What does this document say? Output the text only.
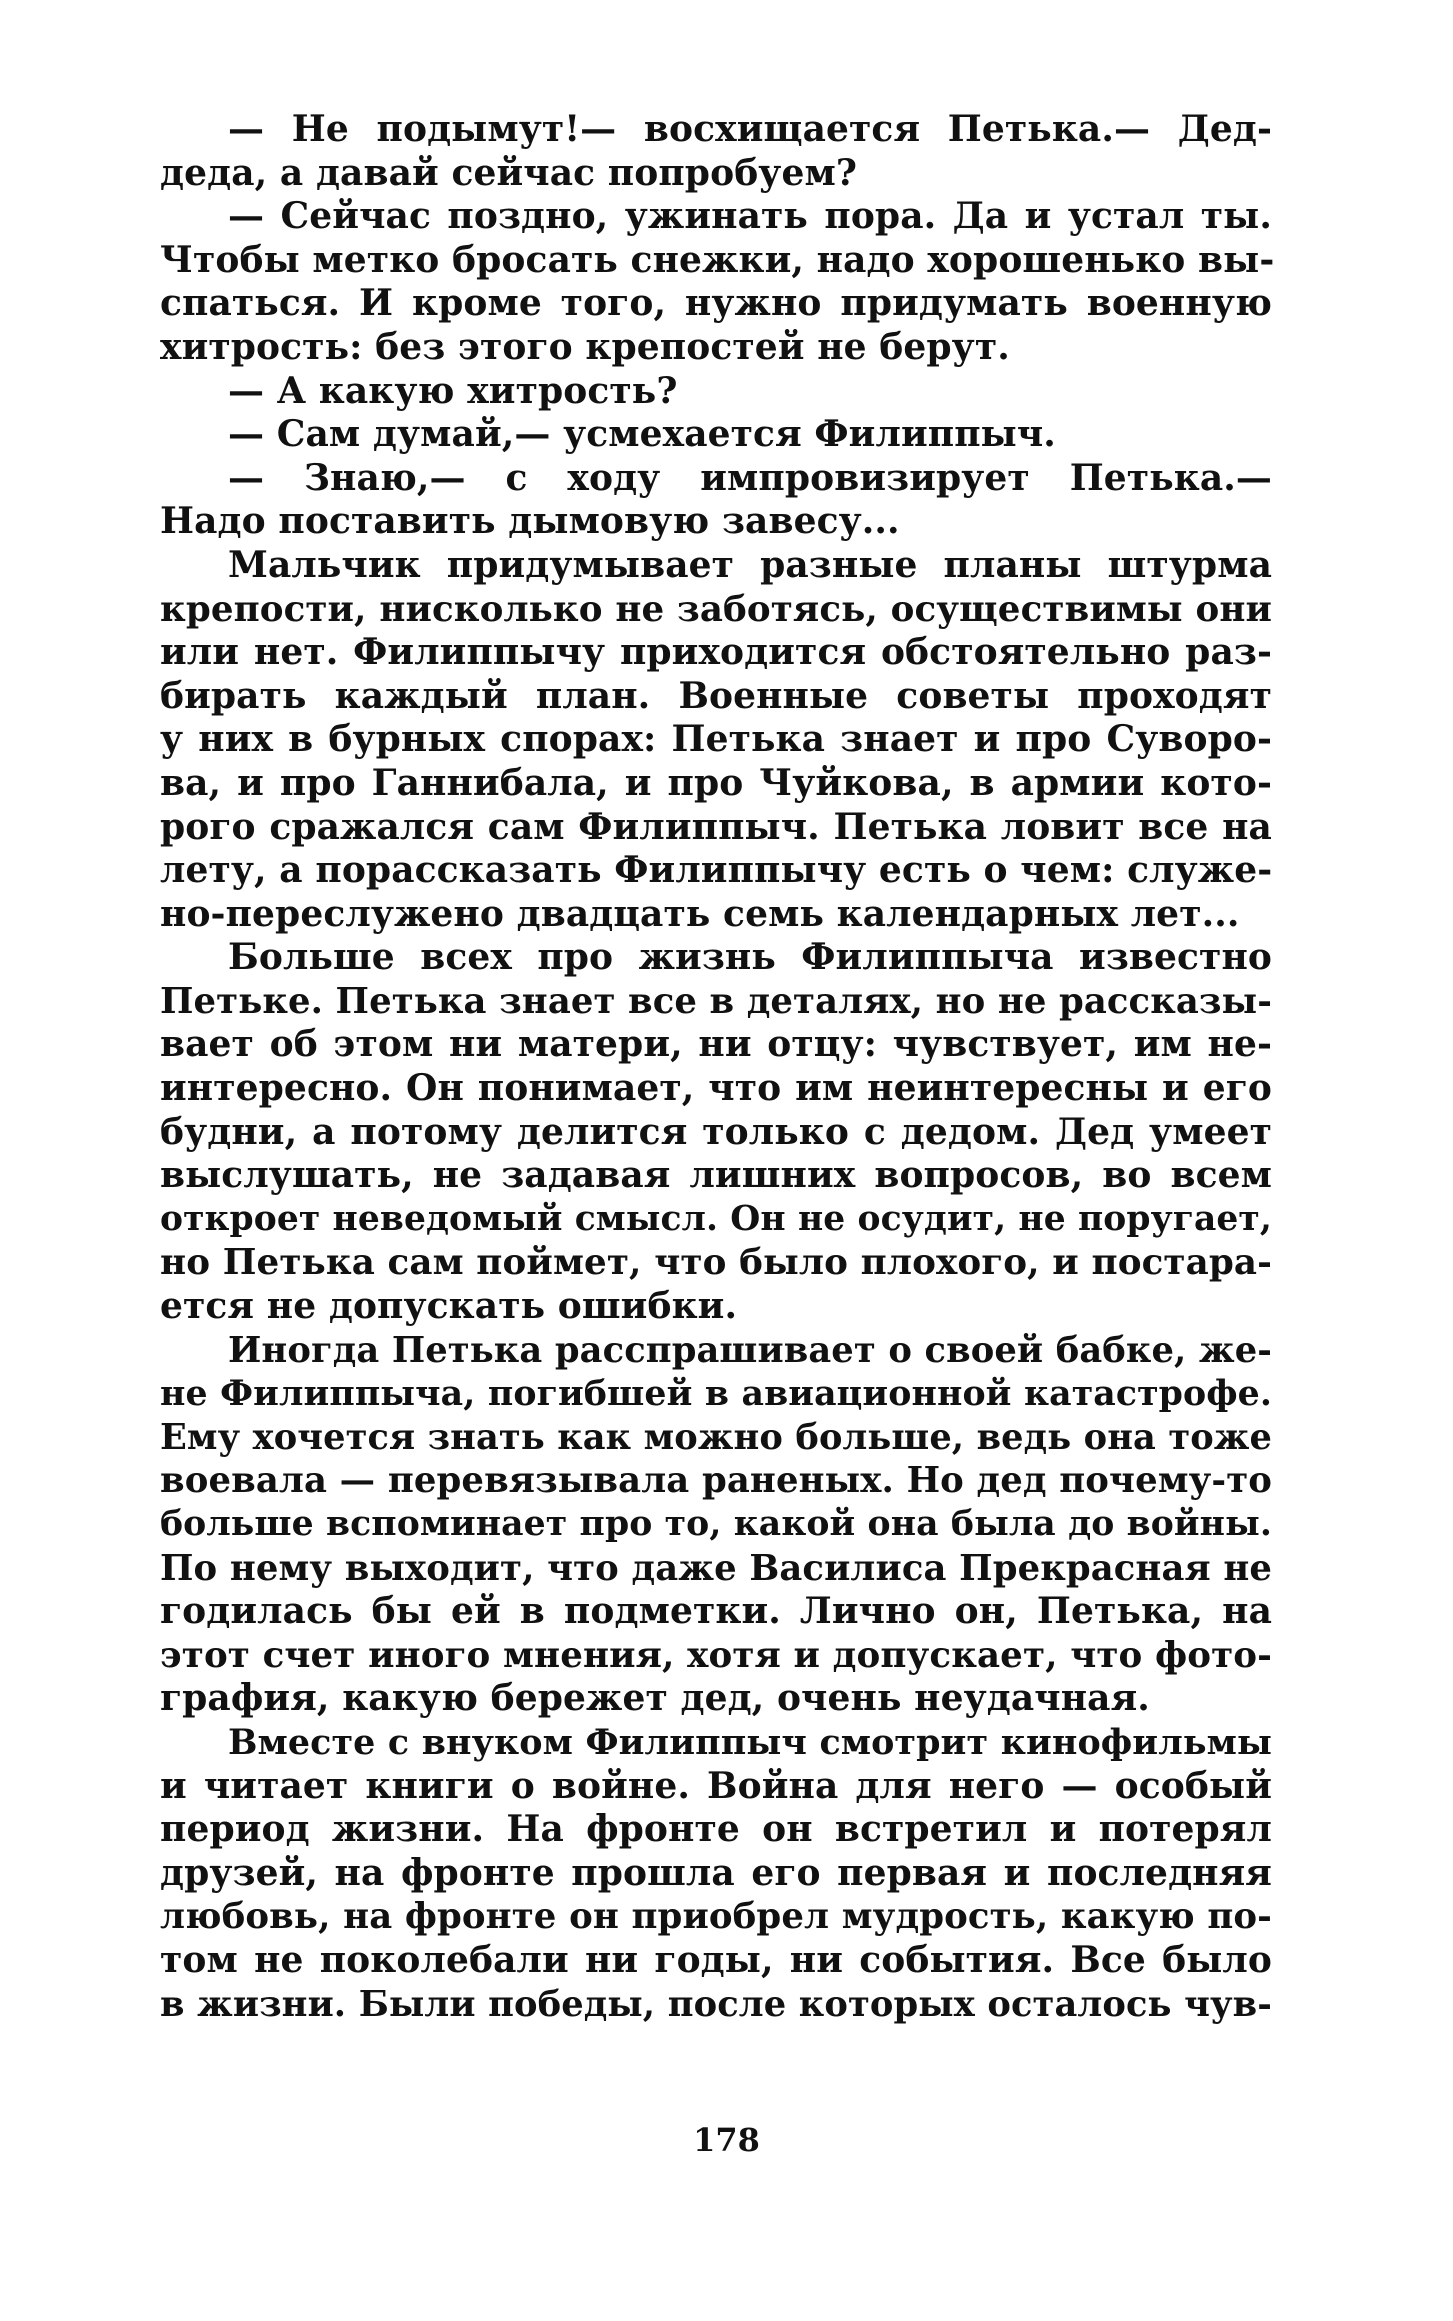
— Не подымут!— восхищается Петька.— Дед-
деда, а давай сейчас попробуем?
— Сейчас поздно, ужинать пора. Да и устал ты.
Чтобы метко бросать снежки, надо хорошенько вы-
спаться. И кроме того, нужно придумать военную
хитрость: без этого крепостей не берут.
— А какую хитрость?
— Сам думай,— усмехается Филиппыч.
— Знаю,— с ходу импровизирует Петька.—
Надо поставить дымовую завесу...
Мальчик придумывает разные планы штурма
крепости, нисколько не заботясь, осуществимы они
или нет. Филиппычу приходится обстоятельно раз-
бирать каждый план. Военные советы проходят
у них в бурных спорах: Петька знает и про Суворо-
ва, и про Ганнибала, и про Чуйкова, в армии кото-
рого сражался сам Филиппыч. Петька ловит все на
лету, а порассказать Филиппычу есть о чем: служе-
но-переслужено двадцать семь календарных лет...
Больше всех про жизнь Филиппыча известно
Петьке. Петька знает все в деталях, но не рассказы-
вает об этом ни матери, ни отцу: чувствует, им не-
интересно. Он понимает, что им неинтересны и его
будни, а потому делится только с дедом. Дед умеет
выслушать, не задавая лишних вопросов, во всем
откроет неведомый смысл. Он не осудит, не поругает,
но Петька сам поймет, что было плохого, и постара-
ется не допускать ошибки.
Иногда Петька расспрашивает о своей бабке, же-
не Филиппыча, погибшей в авиационной катастрофе.
Ему хочется знать как можно больше, ведь она тоже
воевала — перевязывала раненых. Но дед почему-то
больше вспоминает про то, какой она была до войны.
По нему выходит, что даже Василиса Прекрасная не
годилась бы ей в подметки. Лично он, Петька, на
этот счет иного мнения, хотя и допускает, что фото-
графия, какую бережет дед, очень неудачная.
Вместе с внуком Филиппыч смотрит кинофильмы
и читает книги о войне. Война для него — особый
период жизни. На фронте он встретил и потерял
друзей, на фронте прошла его первая и последняя
любовь, на фронте он приобрел мудрость, какую по-
том не поколебали ни годы, ни события. Все было
в жизни. Были победы, после которых осталось чув-
178
